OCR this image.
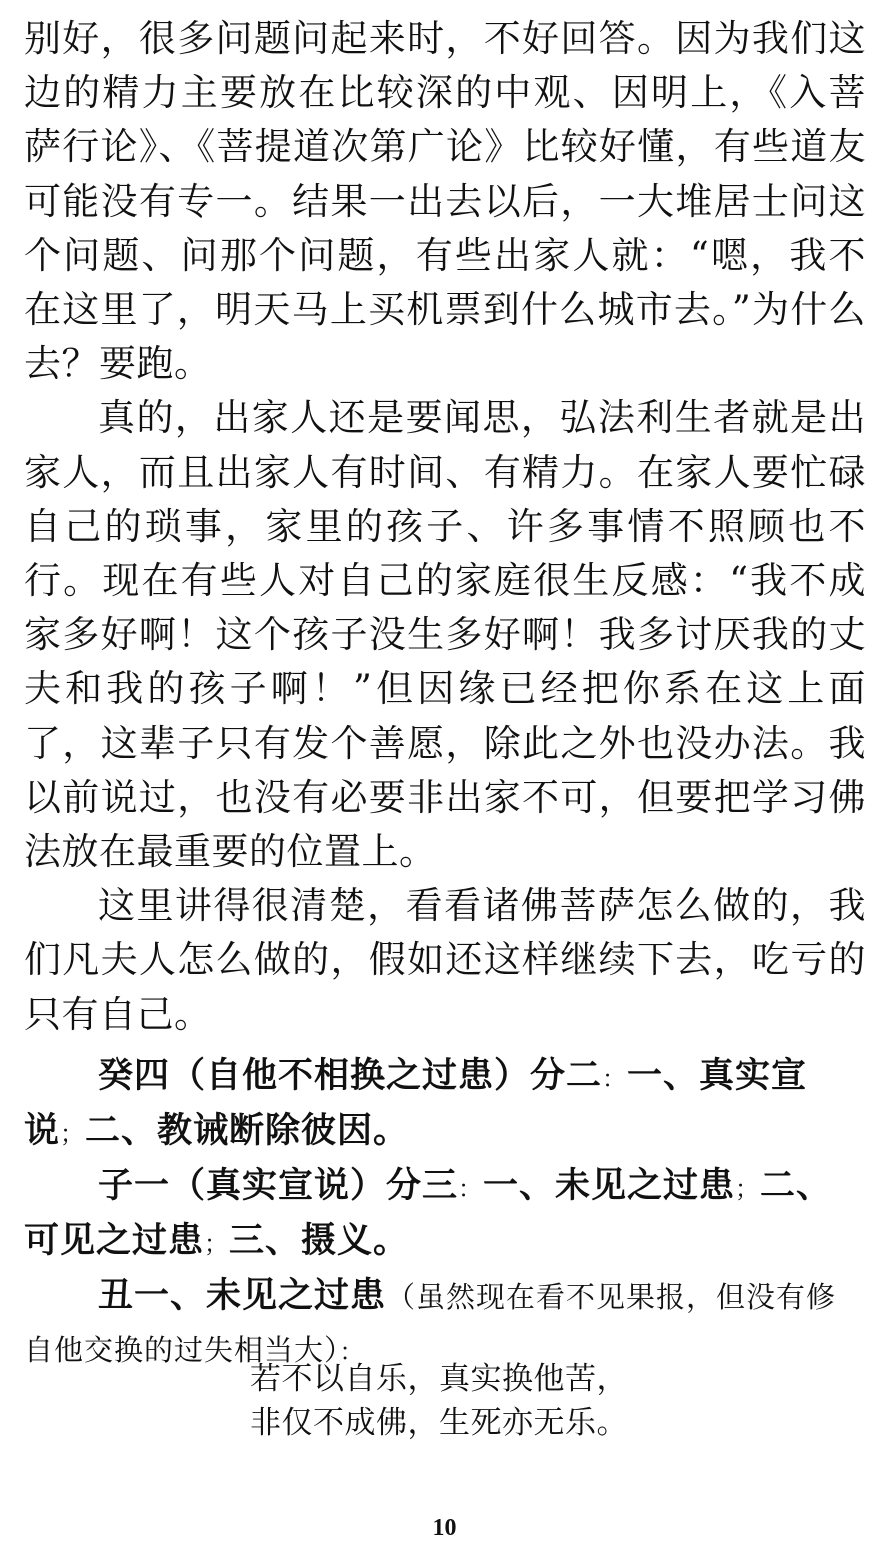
别好，很多问题问起来时，不好回答。因为我们这边的精力主要放在比较深的中观、因明上，《入菩萨行论》、《菩提道次第广论》比较好懂，有些道友可能没有专一。结果一出去以后，一大堆居士问这个问题、问那个问题，有些出家人就：“嗯，我不在这里了，明天马上买机票到什么城市去。”为什么去？要跑。

真的，出家人还是要闻思，弘法利生者就是出家人，而且出家人有时间、有精力。在家人要忙碌自己的琐事，家里的孩子、许多事情不照顾也不行。现在有些人对自己的家庭很生反感：“我不成家多好啊！这个孩子没生多好啊！我多讨厌我的丈夫和我的孩子啊！”但因缘已经把你系在这上面了，这辈子只有发个善愿，除此之外也没办法。我以前说过，也没有必要非出家不可，但要把学习佛法放在最重要的位置上。

这里讲得很清楚，看看诸佛菩萨怎么做的，我们凡夫人怎么做的，假如还这样继续下去，吃亏的只有自己。

癸四（自他不相换之过患）分二：一、真实宣说；二、教诫断除彼因。

子一（真实宣说）分三：一、未见之过患；二、可见之过患；三、摄义。

丑一、未见之过患（虽然现在看不见果报，但没有修自他交换的过失相当大）：

若不以自乐，真实换他苦，

非仅不成佛，生死亦无乐。

10
